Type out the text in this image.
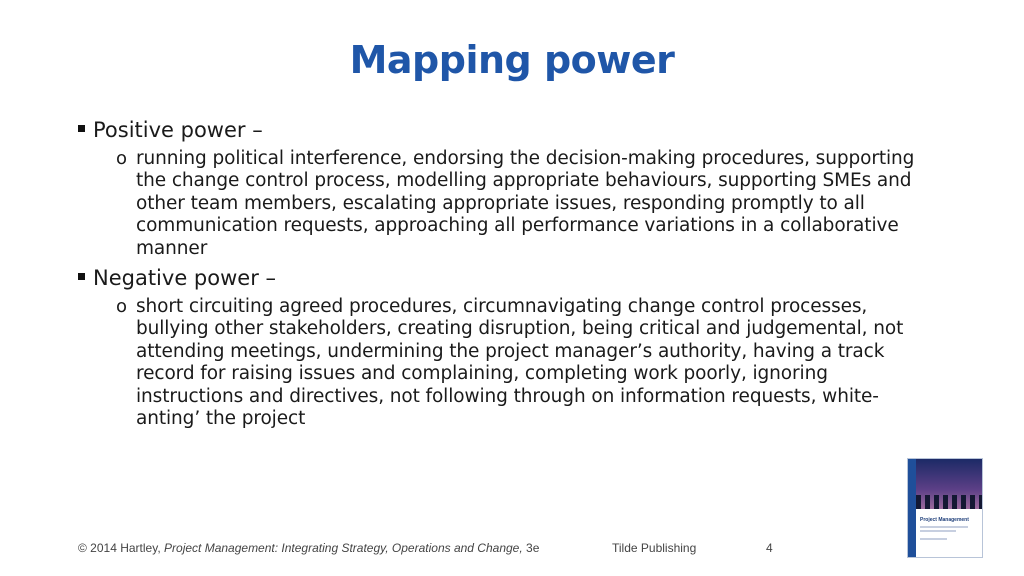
Mapping power
Positive power –
o running political interference, endorsing the decision-making procedures, supporting the change control process, modelling appropriate behaviours, supporting SMEs and other team members, escalating appropriate issues, responding promptly to all communication requests, approaching all performance variations in a collaborative manner
Negative power –
o short circuiting agreed procedures, circumnavigating change control processes, bullying other stakeholders, creating disruption, being critical and judgemental, not attending meetings, undermining the project manager’s authority, having a track record for raising issues and complaining, completing work poorly, ignoring instructions and directives, not following through on information requests, white-anting’ the project
© 2014 Hartley, Project Management: Integrating Strategy, Operations and Change, 3e	Tilde Publishing	4
Project Management
